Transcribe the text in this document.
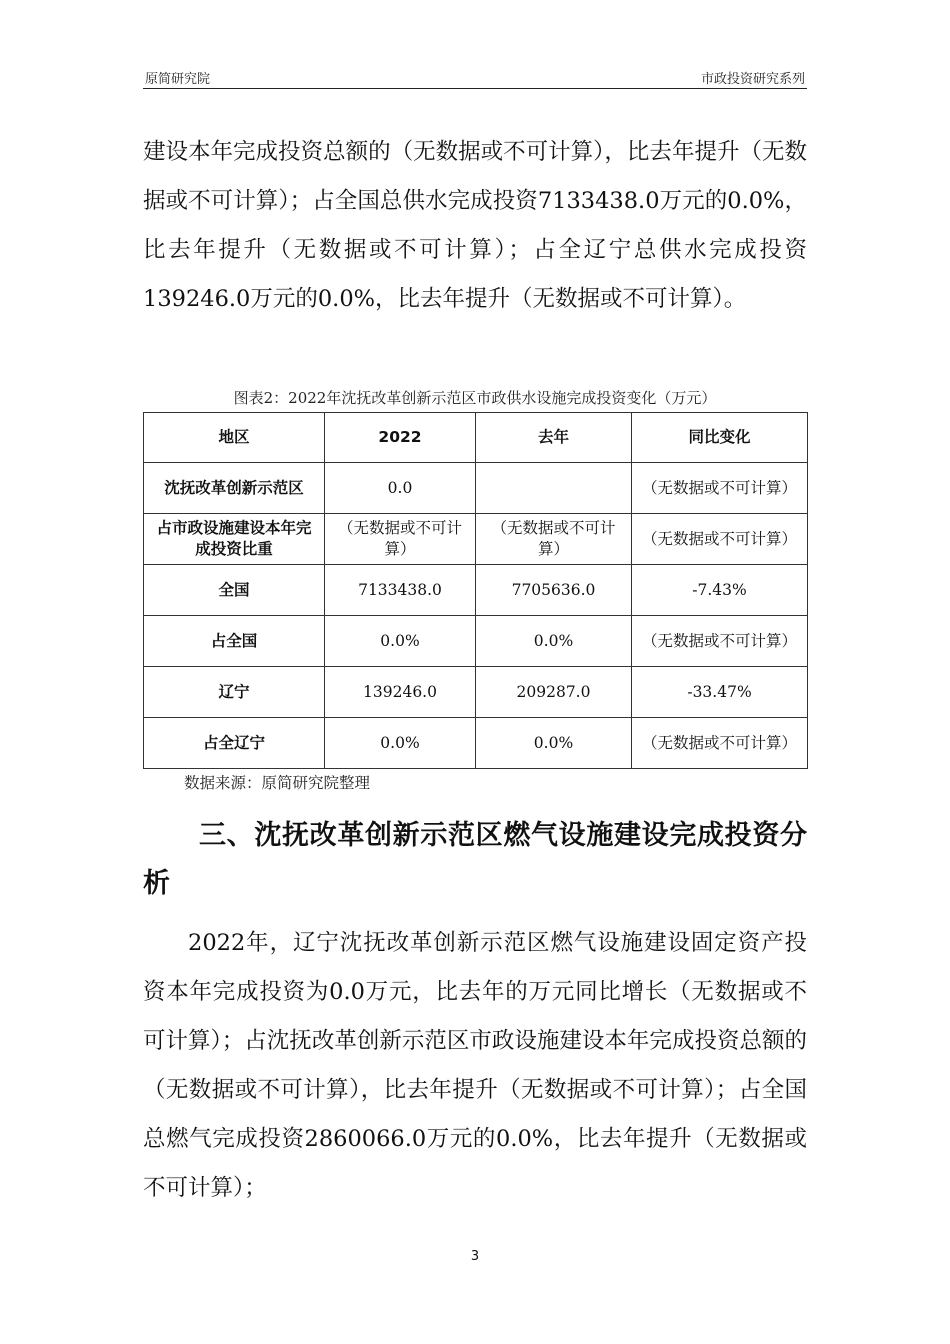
原简研究院	市政投资研究系列

建设本年完成投资总额的（无数据或不可计算），比去年提升（无数据或不可计算）；占全国总供水完成投资7133438.0万元的0.0%，比去年提升（无数据或不可计算）；占全辽宁总供水完成投资139246.0万元的0.0%，比去年提升（无数据或不可计算）。

图表2：2022年沈抚改革创新示范区市政供水设施完成投资变化（万元）
地区	2022	去年	同比变化
沈抚改革创新示范区	0.0		（无数据或不可计算）
占市政设施建设本年完成投资比重	（无数据或不可计算）	（无数据或不可计算）	（无数据或不可计算）
全国	7133438.0	7705636.0	-7.43%
占全国	0.0%	0.0%	（无数据或不可计算）
辽宁	139246.0	209287.0	-33.47%
占全辽宁	0.0%	0.0%	（无数据或不可计算）
数据来源：原简研究院整理
三、沈抚改革创新示范区燃气设施建设完成投资分析

2022年，辽宁沈抚改革创新示范区燃气设施建设固定资产投资本年完成投资为0.0万元，比去年的万元同比增长（无数据或不可计算）；占沈抚改革创新示范区市政设施建设本年完成投资总额的（无数据或不可计算），比去年提升（无数据或不可计算）；占全国总燃气完成投资2860066.0万元的0.0%，比去年提升（无数据或不可计算）；

3
